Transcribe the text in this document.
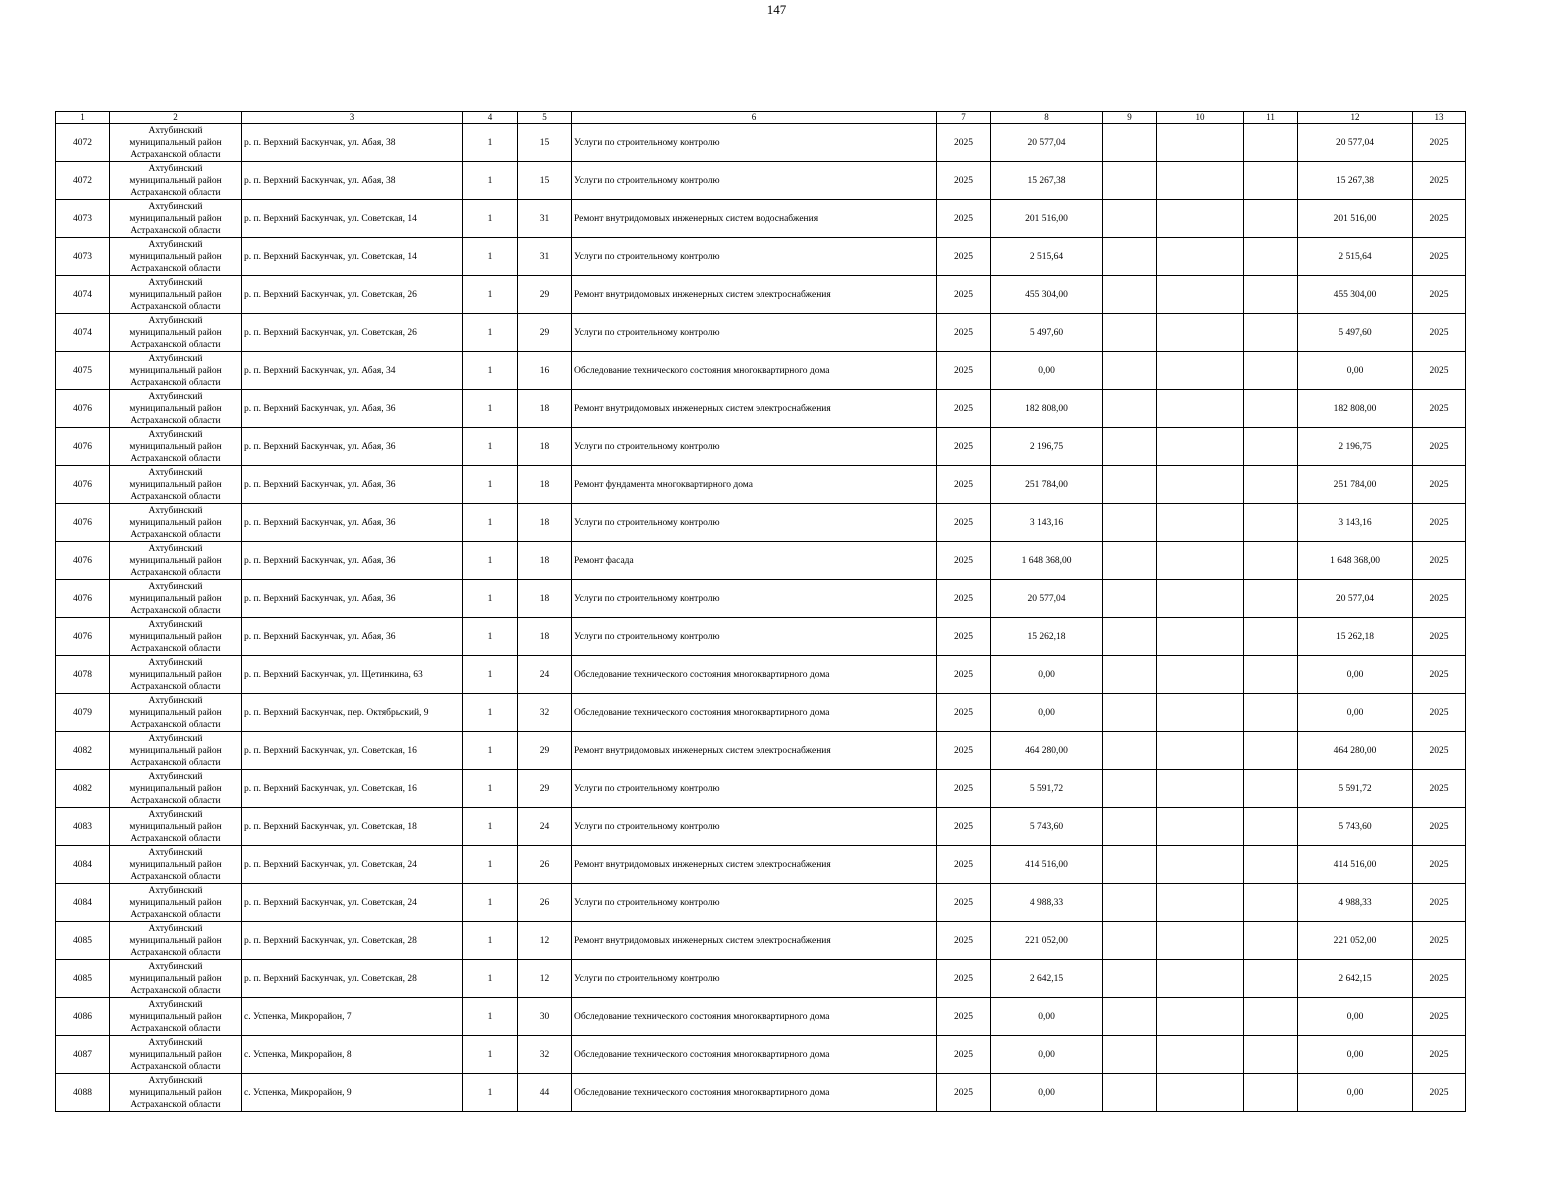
147
1	2	3	4	5	6	7	8	9	10	11	12	13
4072	Ахтубинский
муниципальный район
Астраханской области	р. п. Верхний Баскунчак, ул. Абая, 38	1	15	Услуги по строительному контролю	2025	20 577,04				20 577,04	2025
4072	Ахтубинский
муниципальный район
Астраханской области	р. п. Верхний Баскунчак, ул. Абая, 38	1	15	Услуги по строительному контролю	2025	15 267,38				15 267,38	2025
4073	Ахтубинский
муниципальный район
Астраханской области	р. п. Верхний Баскунчак, ул. Советская, 14	1	31	Ремонт внутридомовых инженерных систем водоснабжения	2025	201 516,00				201 516,00	2025
4073	Ахтубинский
муниципальный район
Астраханской области	р. п. Верхний Баскунчак, ул. Советская, 14	1	31	Услуги по строительному контролю	2025	2 515,64				2 515,64	2025
4074	Ахтубинский
муниципальный район
Астраханской области	р. п. Верхний Баскунчак, ул. Советская, 26	1	29	Ремонт внутридомовых инженерных систем электроснабжения	2025	455 304,00				455 304,00	2025
4074	Ахтубинский
муниципальный район
Астраханской области	р. п. Верхний Баскунчак, ул. Советская, 26	1	29	Услуги по строительному контролю	2025	5 497,60				5 497,60	2025
4075	Ахтубинский
муниципальный район
Астраханской области	р. п. Верхний Баскунчак, ул. Абая, 34	1	16	Обследование технического состояния многоквартирного дома	2025	0,00				0,00	2025
4076	Ахтубинский
муниципальный район
Астраханской области	р. п. Верхний Баскунчак, ул. Абая, 36	1	18	Ремонт внутридомовых инженерных систем электроснабжения	2025	182 808,00				182 808,00	2025
4076	Ахтубинский
муниципальный район
Астраханской области	р. п. Верхний Баскунчак, ул. Абая, 36	1	18	Услуги по строительному контролю	2025	2 196,75				2 196,75	2025
4076	Ахтубинский
муниципальный район
Астраханской области	р. п. Верхний Баскунчак, ул. Абая, 36	1	18	Ремонт фундамента многоквартирного дома	2025	251 784,00				251 784,00	2025
4076	Ахтубинский
муниципальный район
Астраханской области	р. п. Верхний Баскунчак, ул. Абая, 36	1	18	Услуги по строительному контролю	2025	3 143,16				3 143,16	2025
4076	Ахтубинский
муниципальный район
Астраханской области	р. п. Верхний Баскунчак, ул. Абая, 36	1	18	Ремонт фасада	2025	1 648 368,00				1 648 368,00	2025
4076	Ахтубинский
муниципальный район
Астраханской области	р. п. Верхний Баскунчак, ул. Абая, 36	1	18	Услуги по строительному контролю	2025	20 577,04				20 577,04	2025
4076	Ахтубинский
муниципальный район
Астраханской области	р. п. Верхний Баскунчак, ул. Абая, 36	1	18	Услуги по строительному контролю	2025	15 262,18				15 262,18	2025
4078	Ахтубинский
муниципальный район
Астраханской области	р. п. Верхний Баскунчак, ул. Щетинкина, 63	1	24	Обследование технического состояния многоквартирного дома	2025	0,00				0,00	2025
4079	Ахтубинский
муниципальный район
Астраханской области	р. п. Верхний Баскунчак, пер. Октябрьский, 9	1	32	Обследование технического состояния многоквартирного дома	2025	0,00				0,00	2025
4082	Ахтубинский
муниципальный район
Астраханской области	р. п. Верхний Баскунчак, ул. Советская, 16	1	29	Ремонт внутридомовых инженерных систем электроснабжения	2025	464 280,00				464 280,00	2025
4082	Ахтубинский
муниципальный район
Астраханской области	р. п. Верхний Баскунчак, ул. Советская, 16	1	29	Услуги по строительному контролю	2025	5 591,72				5 591,72	2025
4083	Ахтубинский
муниципальный район
Астраханской области	р. п. Верхний Баскунчак, ул. Советская, 18	1	24	Услуги по строительному контролю	2025	5 743,60				5 743,60	2025
4084	Ахтубинский
муниципальный район
Астраханской области	р. п. Верхний Баскунчак, ул. Советская, 24	1	26	Ремонт внутридомовых инженерных систем электроснабжения	2025	414 516,00				414 516,00	2025
4084	Ахтубинский
муниципальный район
Астраханской области	р. п. Верхний Баскунчак, ул. Советская, 24	1	26	Услуги по строительному контролю	2025	4 988,33				4 988,33	2025
4085	Ахтубинский
муниципальный район
Астраханской области	р. п. Верхний Баскунчак, ул. Советская, 28	1	12	Ремонт внутридомовых инженерных систем электроснабжения	2025	221 052,00				221 052,00	2025
4085	Ахтубинский
муниципальный район
Астраханской области	р. п. Верхний Баскунчак, ул. Советская, 28	1	12	Услуги по строительному контролю	2025	2 642,15				2 642,15	2025
4086	Ахтубинский
муниципальный район
Астраханской области	с. Успенка, Микрорайон, 7	1	30	Обследование технического состояния многоквартирного дома	2025	0,00				0,00	2025
4087	Ахтубинский
муниципальный район
Астраханской области	с. Успенка, Микрорайон, 8	1	32	Обследование технического состояния многоквартирного дома	2025	0,00				0,00	2025
4088	Ахтубинский
муниципальный район
Астраханской области	с. Успенка, Микрорайон, 9	1	44	Обследование технического состояния многоквартирного дома	2025	0,00				0,00	2025
